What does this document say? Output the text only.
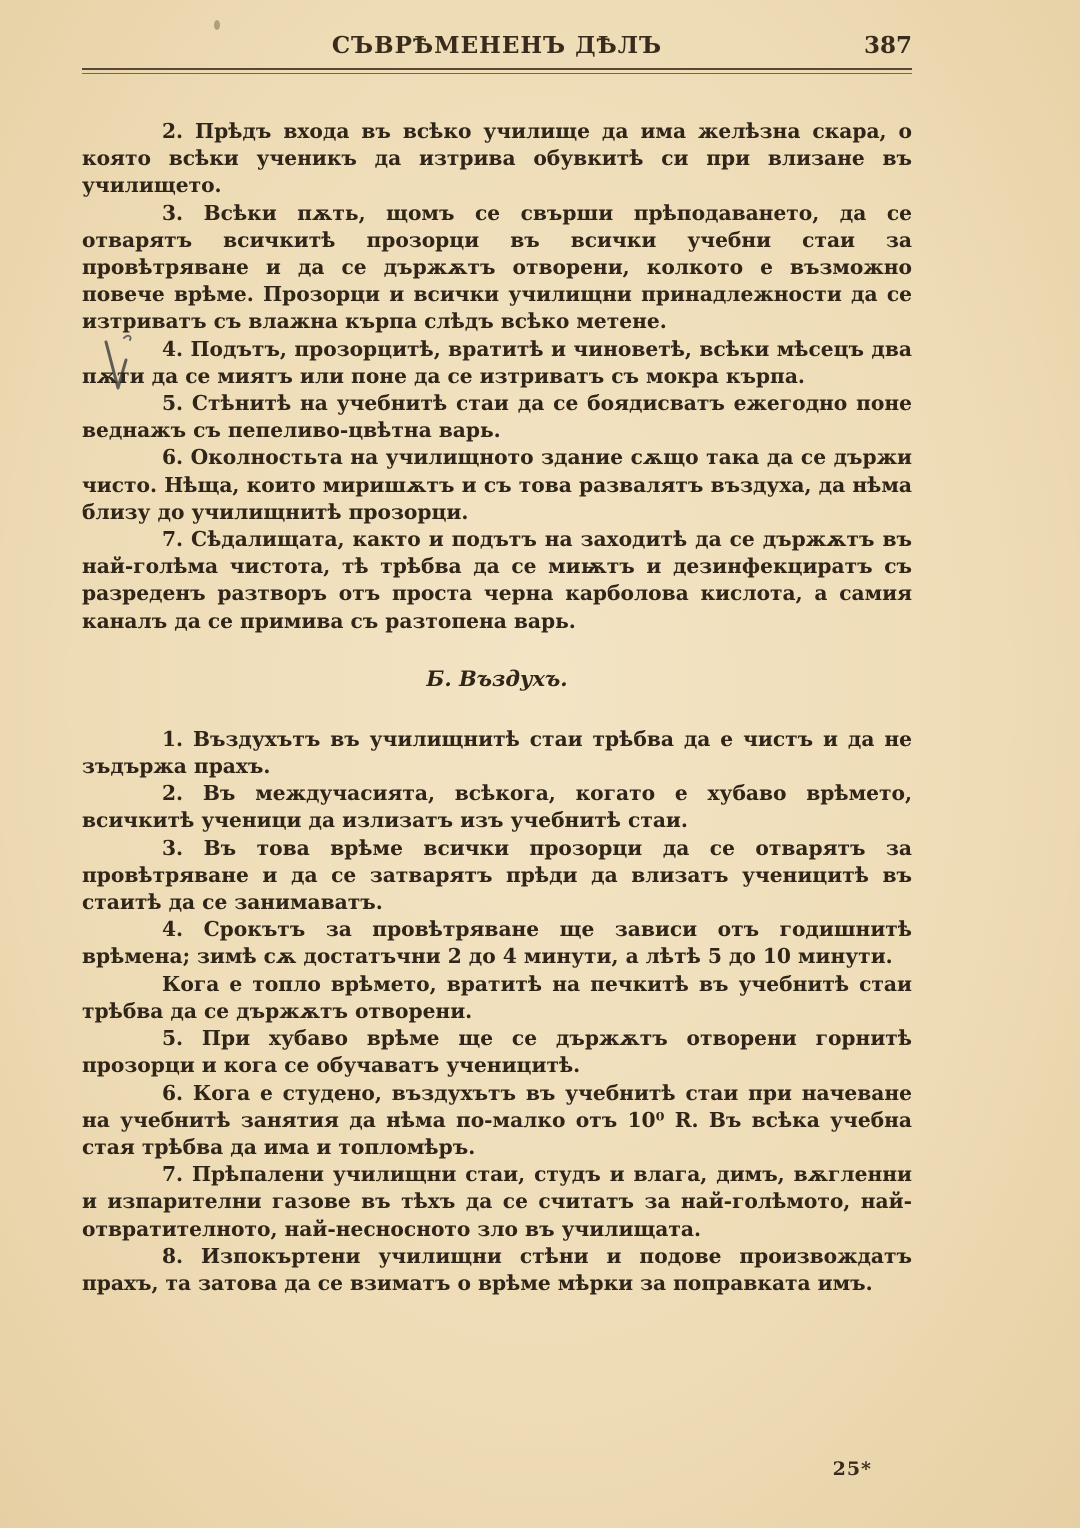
СЪВРѢМЕНЕНЪ ДѢЛЪ	387

2. Прѣдъ входа въ всѣко училище да има желѣзна скара, о която всѣки ученикъ да изтрива обувкитѣ си при влизане въ училището.

3. Всѣки пѫть, щомъ се свърши прѣподаването, да се отварятъ всичкитѣ прозорци въ всички учебни стаи за провѣтряване и да се държѫтъ отворени, колкото е възможно повече врѣме. Прозорци и всички училищни принадлежности да се изтриватъ съ влажна кърпа слѣдъ всѣко метене.

4. Подътъ, прозорцитѣ, вратитѣ и чиноветѣ, всѣки мѣсецъ два пѫти да се миятъ или поне да се изтриватъ съ мокра кърпа.

5. Стѣнитѣ на учебнитѣ стаи да се боядисватъ ежегодно поне веднажъ съ пепеливо-цвѣтна варь.

6. Околностьта на училищното здание сѫщо така да се държи чисто. Нѣща, които миришѫтъ и съ това развалятъ въздуха, да нѣма близу до училищнитѣ прозорци.

7. Сѣдалищата, както и подътъ на заходитѣ да се държѫтъ въ най-голѣма чистота, тѣ трѣбва да се миѭтъ и дезинфекциратъ съ разреденъ разтворъ отъ проста черна карболова кислота, а самия каналъ да се примива съ разтопена варь.

Б. Въздухъ.

1. Въздухътъ въ училищнитѣ стаи трѣбва да е чистъ и да не зъдържа прахъ.

2. Въ междучасията, всѣкога, когато е хубаво врѣмето, всичкитѣ ученици да излизатъ изъ учебнитѣ стаи.

3. Въ това врѣме всички прозорци да се отварятъ за провѣтряване и да се затварятъ прѣди да влизатъ ученицитѣ въ стаитѣ да се занимаватъ.

4. Срокътъ за провѣтряване ще зависи отъ годишнитѣ врѣмена; зимѣ сѫ достатъчни 2 до 4 минути, а лѣтѣ 5 до 10 минути.

Кога е топло врѣмето, вратитѣ на печкитѣ въ учебнитѣ стаи трѣбва да се държѫтъ отворени.

5. При хубаво врѣме ще се държѫтъ отворени горнитѣ прозорци и кога се обучаватъ ученицитѣ.

6. Кога е студено, въздухътъ въ учебнитѣ стаи при начеване на учебнитѣ занятия да нѣма по-малко отъ 10⁰ R. Въ всѣка учебна стая трѣбва да има и топломѣръ.

7. Прѣпалени училищни стаи, студъ и влага, димъ, вѫгленни и изпарителни газове въ тѣхъ да се считатъ за най-голѣмото, най-отвратителното, най-несносното зло въ училищата.

8. Изпокъртени училищни стѣни и подове произвождатъ прахъ, та затова да се взиматъ о врѣме мѣрки за поправката имъ.

25*
